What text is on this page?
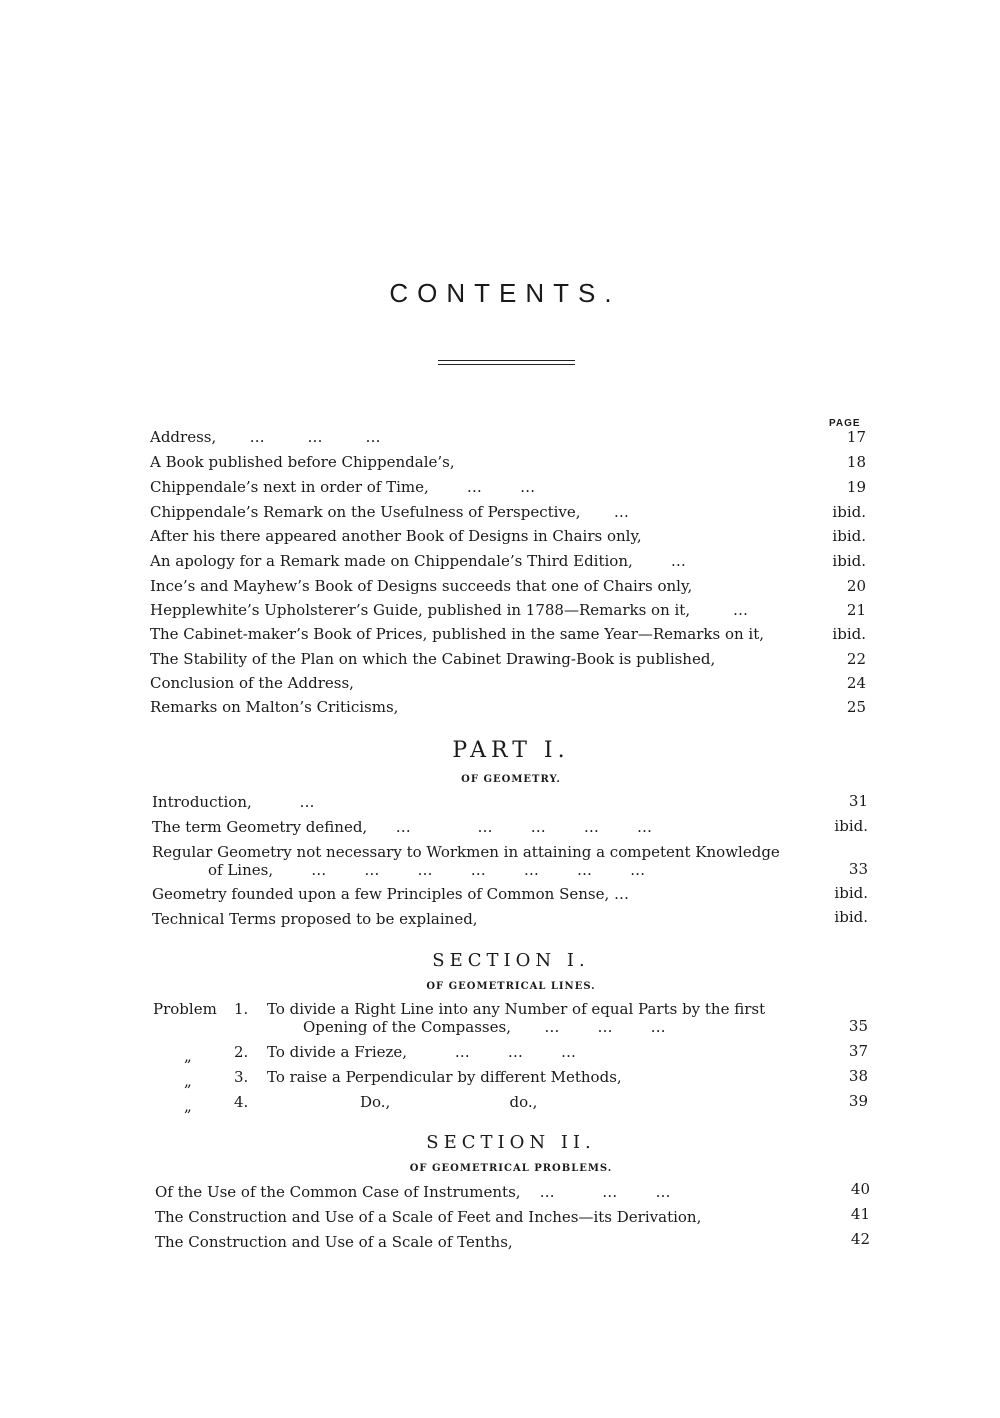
CONTENTS.
PAGE
Address,       …         …         …	17
A Book published before Chippendale’s,	18
Chippendale’s next in order of Time,        …        …	19
Chippendale’s Remark on the Usefulness of Perspective,       …	ibid.
After his there appeared another Book of Designs in Chairs only,	ibid.
An apology for a Remark made on Chippendale’s Third Edition,        …	ibid.
Ince’s and Mayhew’s Book of Designs succeeds that one of Chairs only,	20
Hepplewhite’s Upholsterer’s Guide, published in 1788—Remarks on it,         …	21
The Cabinet-maker’s Book of Prices, published in the same Year—Remarks on it,	ibid.
The Stability of the Plan on which the Cabinet Drawing-Book is published,	22
Conclusion of the Address,	24
Remarks on Malton’s Criticisms,	25
PART I.
OF GEOMETRY.
Introduction,          …	31
The term Geometry defined,      …              …        …        …        …	ibid.
Regular Geometry not necessary to Workmen in attaining a competent Knowledge
of Lines,        …        …        …        …        …        …        …	33
Geometry founded upon a few Principles of Common Sense, …	ibid.
Technical Terms proposed to be explained,	ibid.
SECTION I.
OF GEOMETRICAL LINES.
Problem 1. To divide a Right Line into any Number of equal Parts by the first
Opening of the Compasses,       …        …        …	35
„	2. To divide a Frieze,          …        …        …	37
„	3. To raise a Perpendicular by different Methods,	38
„	4.	Do.,                         do.,	39
SECTION II.
OF GEOMETRICAL PROBLEMS.
Of the Use of the Common Case of Instruments,    …          …        …	40
The Construction and Use of a Scale of Feet and Inches—its Derivation,	41
The Construction and Use of a Scale of Tenths,	42
